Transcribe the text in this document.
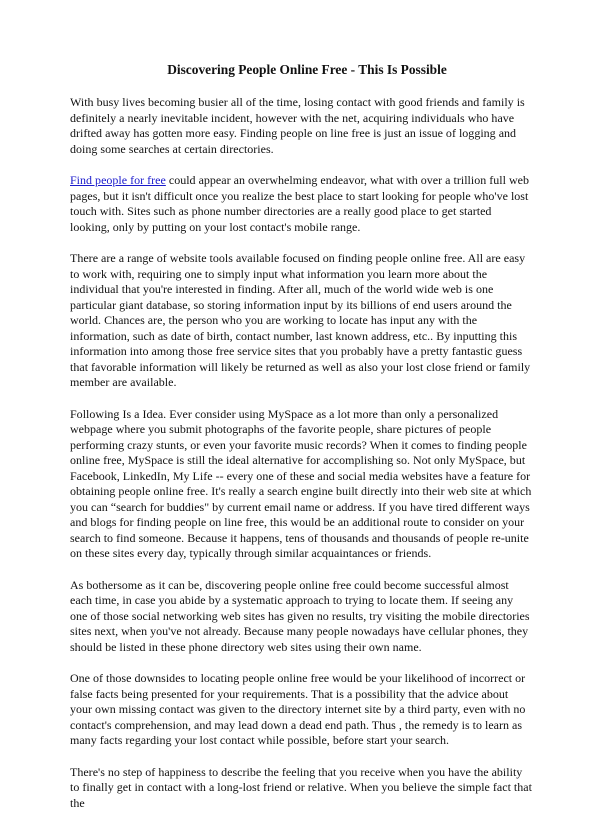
Discovering People Online Free - This Is Possible

With busy lives becoming busier all of the time, losing contact with good friends and family is definitely a nearly inevitable incident, however with the net, acquiring individuals who have drifted away has gotten more easy. Finding people on line free is just an issue of logging and doing some searches at certain directories.

Find people for free could appear an overwhelming endeavor, what with over a trillion full web pages, but it isn't difficult once you realize the best place to start looking for people who've lost touch with. Sites such as phone number directories are a really good place to get started looking, only by putting on your lost contact's mobile range.

There are a range of website tools available focused on finding people online free. All are easy to work with, requiring one to simply input what information you learn more about the individual that you're interested in finding. After all, much of the world wide web is one particular giant database, so storing information input by its billions of end users around the world. Chances are, the person who you are working to locate has input any with the information, such as date of birth, contact number, last known address, etc.. By inputting this information into among those free service sites that you probably have a pretty fantastic guess that favorable information will likely be returned as well as also your lost close friend or family member are available.

Following Is a Idea. Ever consider using MySpace as a lot more than only a personalized webpage where you submit photographs of the favorite people, share pictures of people performing crazy stunts, or even your favorite music records? When it comes to finding people online free, MySpace is still the ideal alternative for accomplishing so. Not only MySpace, but Facebook, LinkedIn, My Life -- every one of these and social media websites have a feature for obtaining people online free. It's really a search engine built directly into their web site at which you can “search for buddies" by current email name or address. If you have tired different ways and blogs for finding people on line free, this would be an additional route to consider on your search to find someone. Because it happens, tens of thousands and thousands of people re-unite on these sites every day, typically through similar acquaintances or friends.

As bothersome as it can be, discovering people online free could become successful almost each time, in case you abide by a systematic approach to trying to locate them. If seeing any one of those social networking web sites has given no results, try visiting the mobile directories sites next, when you've not already. Because many people nowadays have cellular phones, they should be listed in these phone directory web sites using their own name.

One of those downsides to locating people online free would be your likelihood of incorrect or false facts being presented for your requirements. That is a possibility that the advice about your own missing contact was given to the directory internet site by a third party, even with no contact's comprehension, and may lead down a dead end path. Thus , the remedy is to learn as many facts regarding your lost contact while possible, before start your search.

There's no step of happiness to describe the feeling that you receive when you have the ability to finally get in contact with a long-lost friend or relative. When you believe the simple fact that the
